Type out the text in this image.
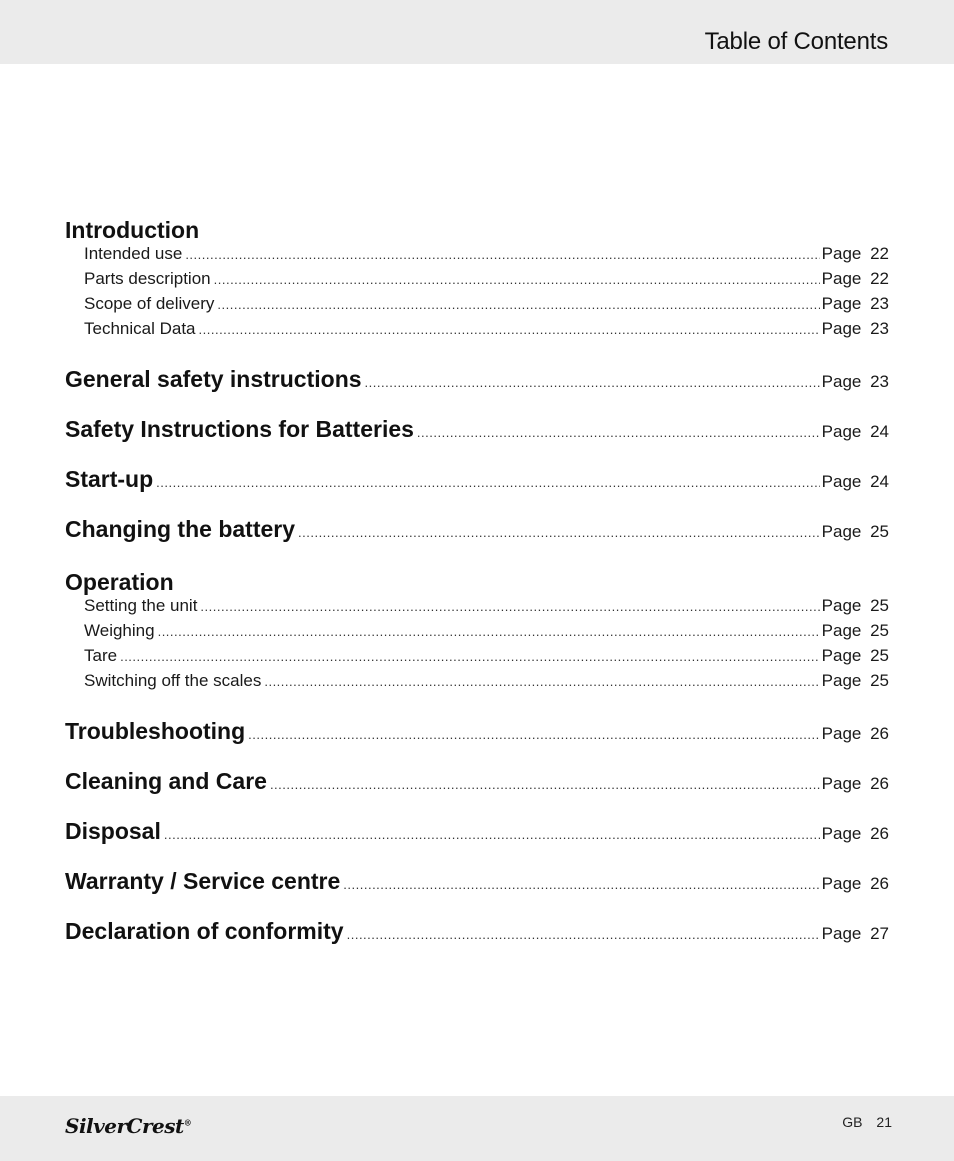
Table of Contents
Introduction
Intended use .....	Page 22
Parts description .....	Page 22
Scope of delivery .....	Page 23
Technical Data .....	Page 23
General safety instructions .....	Page 23
Safety Instructions for Batteries .....	Page 24
Start-up .....	Page 24
Changing the battery .....	Page 25
Operation
Setting the unit .....	Page 25
Weighing .....	Page 25
Tare .....	Page 25
Switching off the scales .....	Page 25
Troubleshooting .....	Page 26
Cleaning and Care .....	Page 26
Disposal .....	Page 26
Warranty / Service centre .....	Page 26
Declaration of conformity .....	Page 27
SilverCrest®	GB 21
